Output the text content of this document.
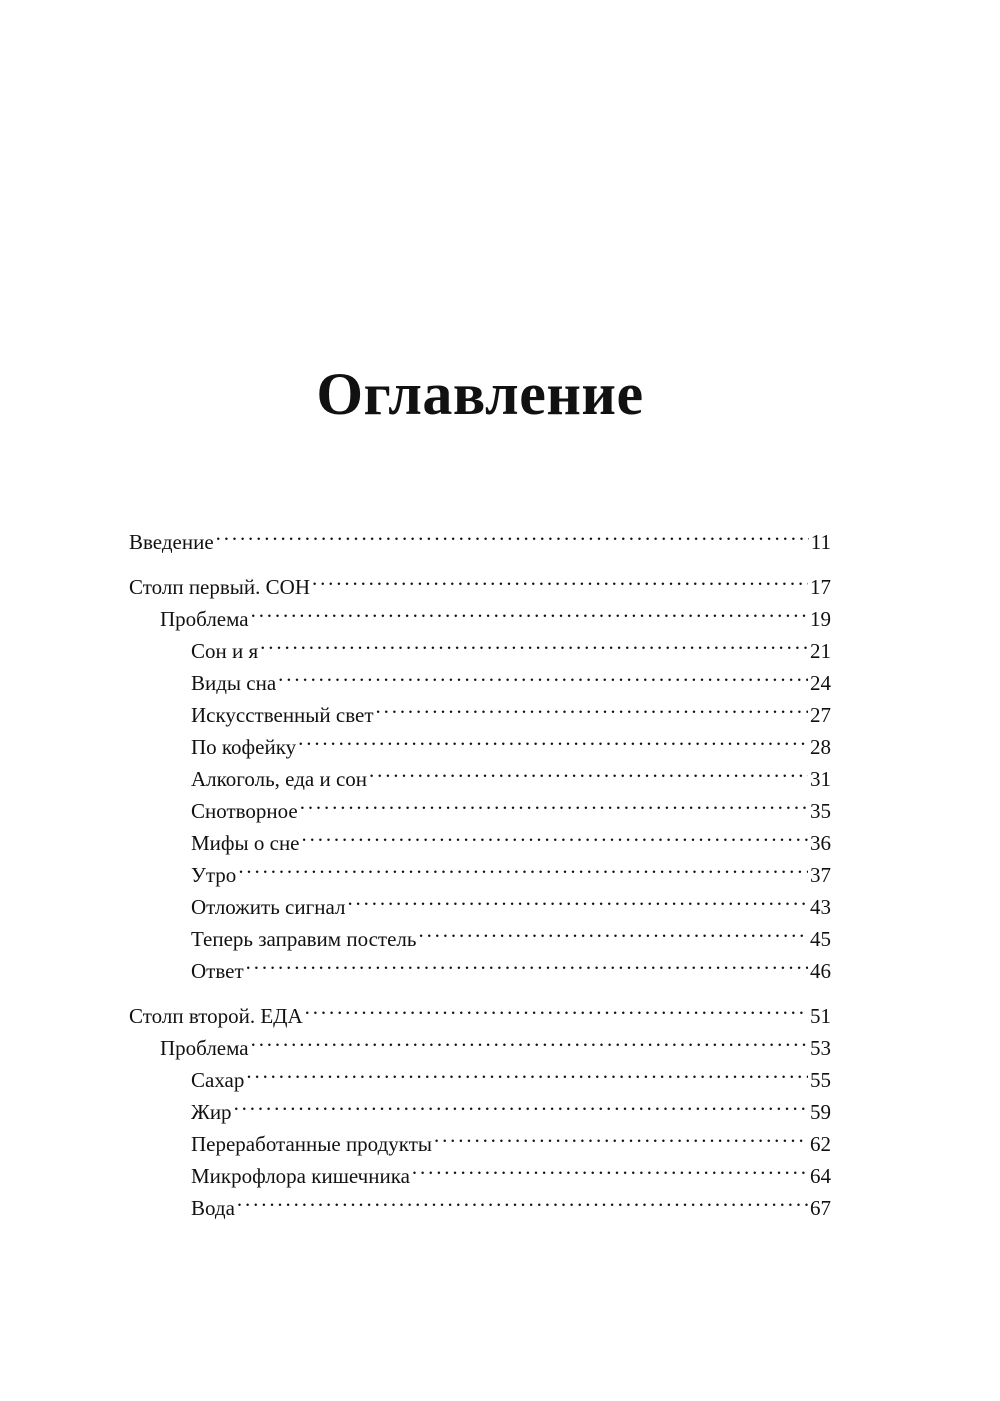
Оглавление
Введение . . .	11
Столп первый. СОН . . .	17
Проблема . . .	19
Сон и я . . .	21
Виды сна . . .	24
Искусственный свет . . .	27
По кофейку . . .	28
Алкоголь, еда и сон . . .	31
Снотворное . . .	35
Мифы о сне . . .	36
Утро . . .	37
Отложить сигнал . . .	43
Теперь заправим постель . . .	45
Ответ . . .	46
Столп второй. ЕДА . . .	51
Проблема . . .	53
Сахар . . .	55
Жир . . .	59
Переработанные продукты . . .	62
Микрофлора кишечника . . .	64
Вода . . .	67
